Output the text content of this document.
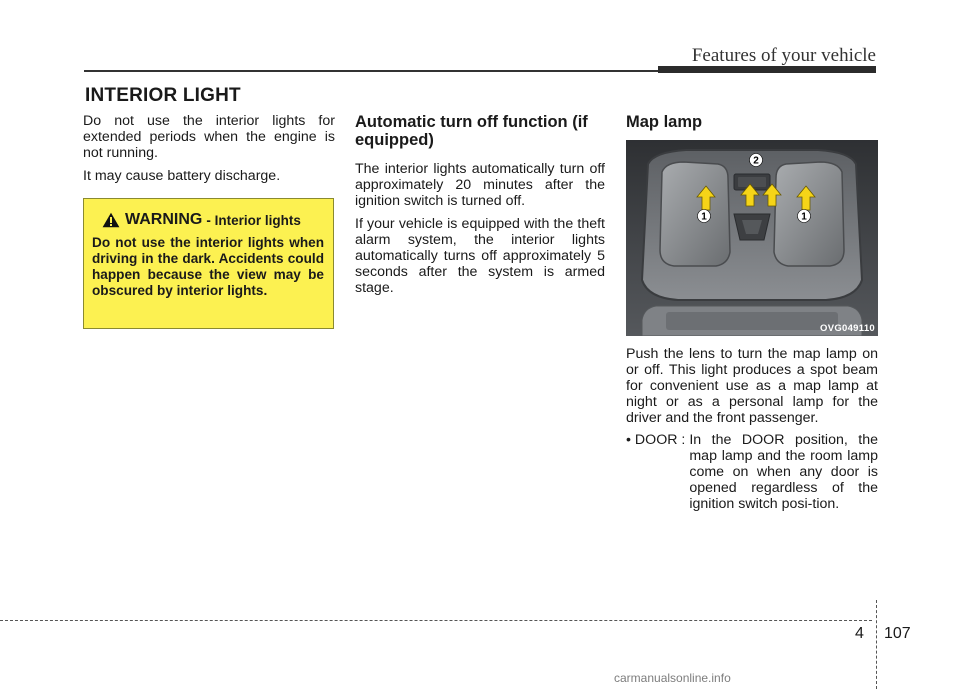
Features of your vehicle
INTERIOR LIGHT

Do not use the interior lights for extended periods when the engine is not running.

It may cause battery discharge.

WARNING - Interior lights
Do not use the interior lights when driving in the dark. Accidents could happen because the view may be obscured by interior lights.
Automatic turn off function (if equipped)

The interior lights automatically turn off approximately 20 minutes after the ignition switch is turned off.

If your vehicle is equipped with the theft alarm system, the interior lights automatically turns off approximately 5 seconds after the system is armed stage.

Map lamp
1
2
1
OVG049110

Push the lens to turn the map lamp on or off. This light produces a spot beam for convenient use as a map lamp at night or as a personal lamp for the driver and the front passenger.

• DOOR : In the DOOR position, the map lamp and the room lamp come on when any door is opened regardless of the ignition switch posi-tion.
4 107
carmanualsonline.info
